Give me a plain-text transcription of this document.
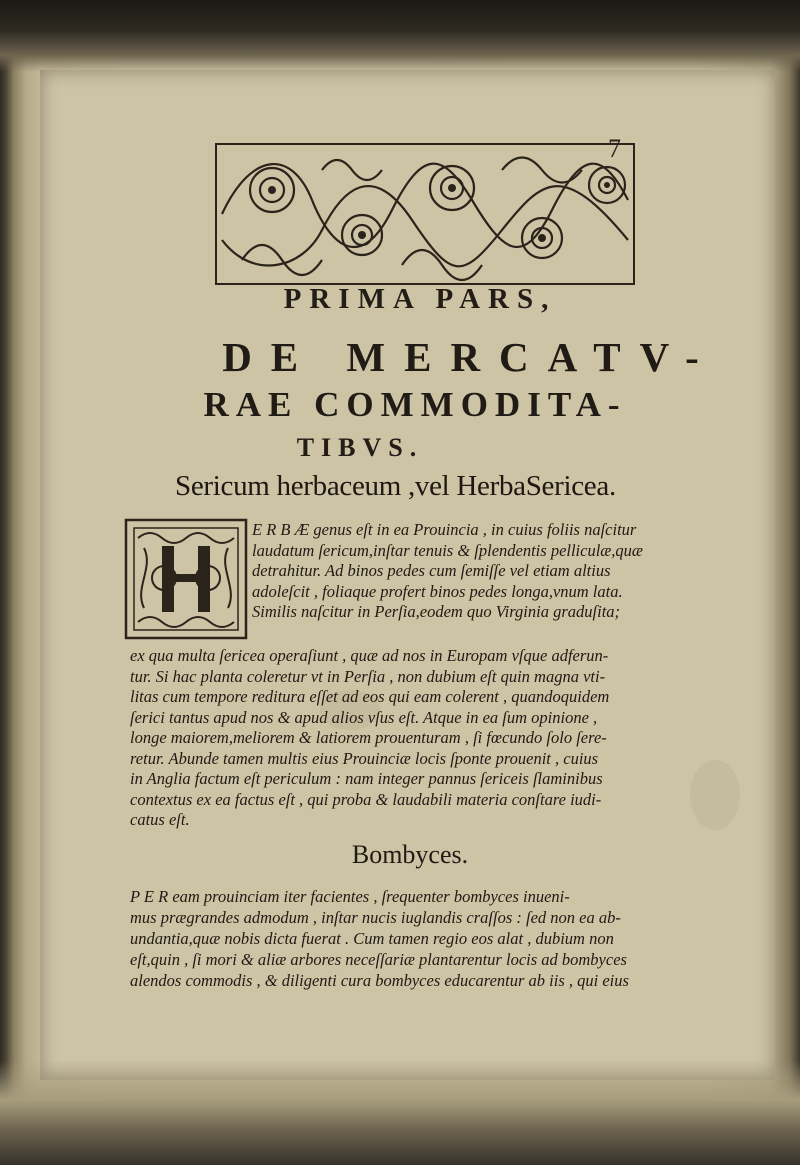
7
PRIMA PARS,
DE MERCATV-
RAE COMMODITA-
TIBVS.
Sericum herbaceum ,vel HerbaSericea.
E R B Æ genus eſt in ea Prouincia , in cuius foliis naſcitur
laudatum ſericum,inſtar tenuis & ſplendentis pelliculæ,quæ
detrahitur. Ad binos pedes cum ſemiſſe vel etiam altius
adoleſcit , foliaque profert binos pedes longa,vnum lata.
Similis naſcitur in Perſia,eodem quo Virginia graduſita;
ex qua multa ſericea operaſiunt , quæ ad nos in Europam vſque adferun-
tur. Si hac planta coleretur vt in Perſia , non dubium eſt quin magna vti-
litas cum tempore reditura eſſet ad eos qui eam colerent , quandoquidem
ſerici tantus apud nos & apud alios vſus eſt. Atque in ea ſum opinione ,
longe maiorem,meliorem & latiorem prouenturam , ſi fœcundo ſolo ſere-
retur. Abunde tamen multis eius Prouinciæ locis ſponte prouenit , cuius
in Anglia factum eſt periculum : nam integer pannus ſericeis ſlaminibus
contextus ex ea factus eſt , qui proba & laudabili materia conſtare iudi-
catus eſt.
Bombyces.
P E R eam prouinciam iter facientes , ſrequenter bombyces inueni-
mus prægrandes admodum , inſtar nucis iuglandis craſſos : ſed non ea ab-
undantia,quæ nobis dicta fuerat . Cum tamen regio eos alat , dubium non
eſt,quin , ſi mori & aliæ arbores neceſſariæ plantarentur locis ad bombyces
alendos commodis , & diligenti cura bombyces educarentur ab iis , qui eius
